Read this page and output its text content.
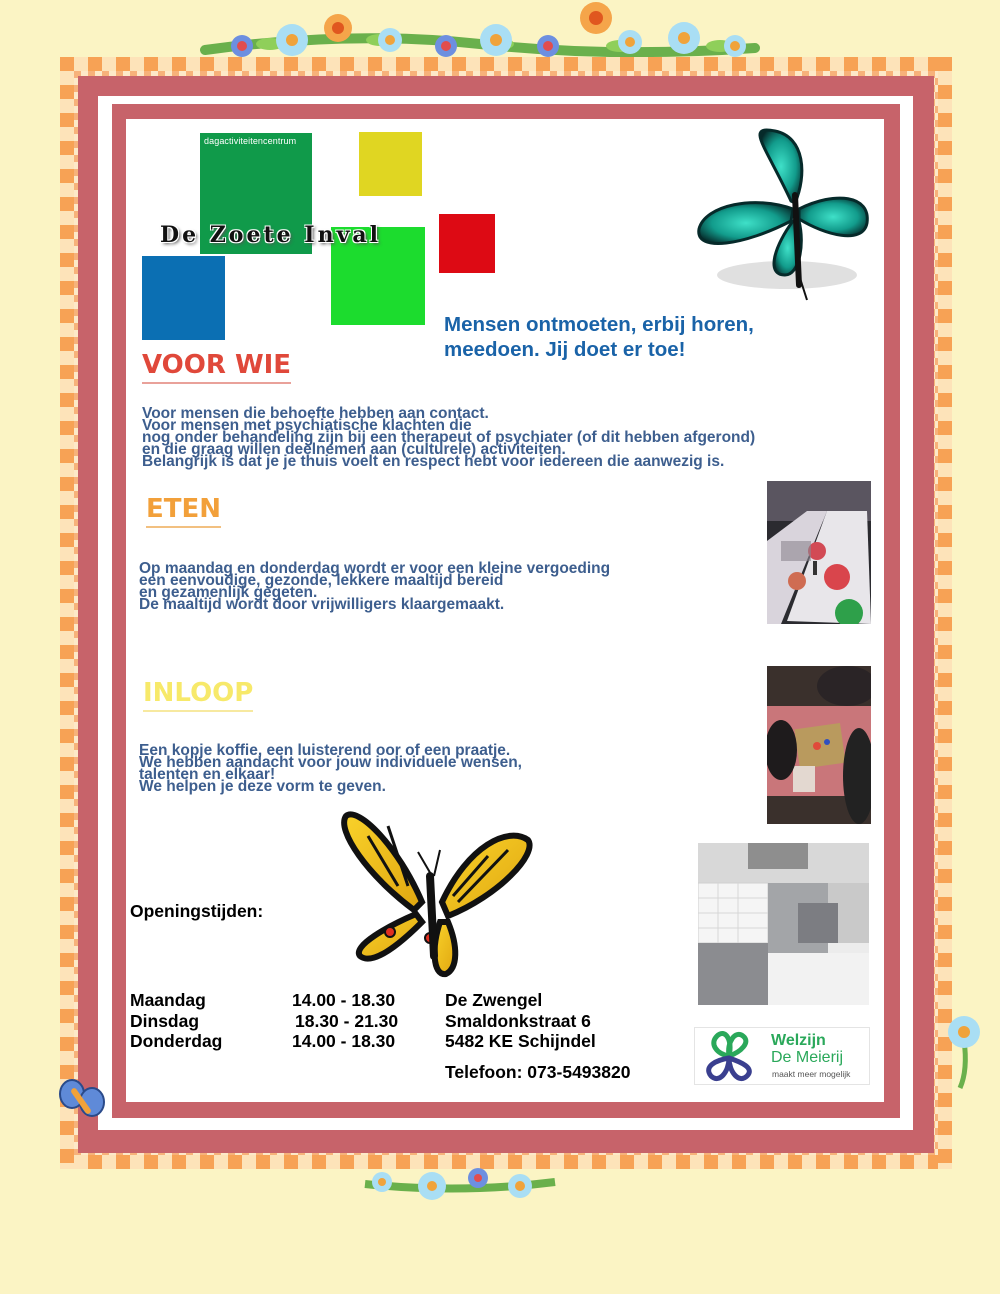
dagactiviteitencentrum
De Zoete Inval
Mensen ontmoeten, erbij horen,
meedoen. Jij doet er toe!
VOOR WIE
Voor mensen die behoefte hebben aan contact.
Voor mensen met psychiatische klachten die
nog onder behandeling zijn bij een therapeut of psychiater (of dit hebben afgerond)
en die graag willen deelnemen aan (culturele) activiteiten.
Belangrijk is dat je je thuis voelt en respect hebt voor iedereen die aanwezig is.
ETEN
Op maandag en donderdag wordt er voor een kleine vergoeding
een eenvoudige, gezonde, lekkere maaltijd bereid
en gezamenlijk gegeten.
De maaltijd wordt door vrijwilligers klaargemaakt.
INLOOP
Een kopje koffie, een luisterend oor of een praatje.
We hebben aandacht voor jouw individuele wensen,
talenten en elkaar!
We helpen je deze vorm te geven.
Openingstijden:
Maandag	14.00 - 18.30	De Zwengel
Dinsdag	18.30 - 21.30	Smaldonkstraat 6
Donderdag	14.00 - 18.30	5482 KE Schijndel
Telefoon: 073-5493820
Welzijn
De Meierij
maakt meer mogelijk
